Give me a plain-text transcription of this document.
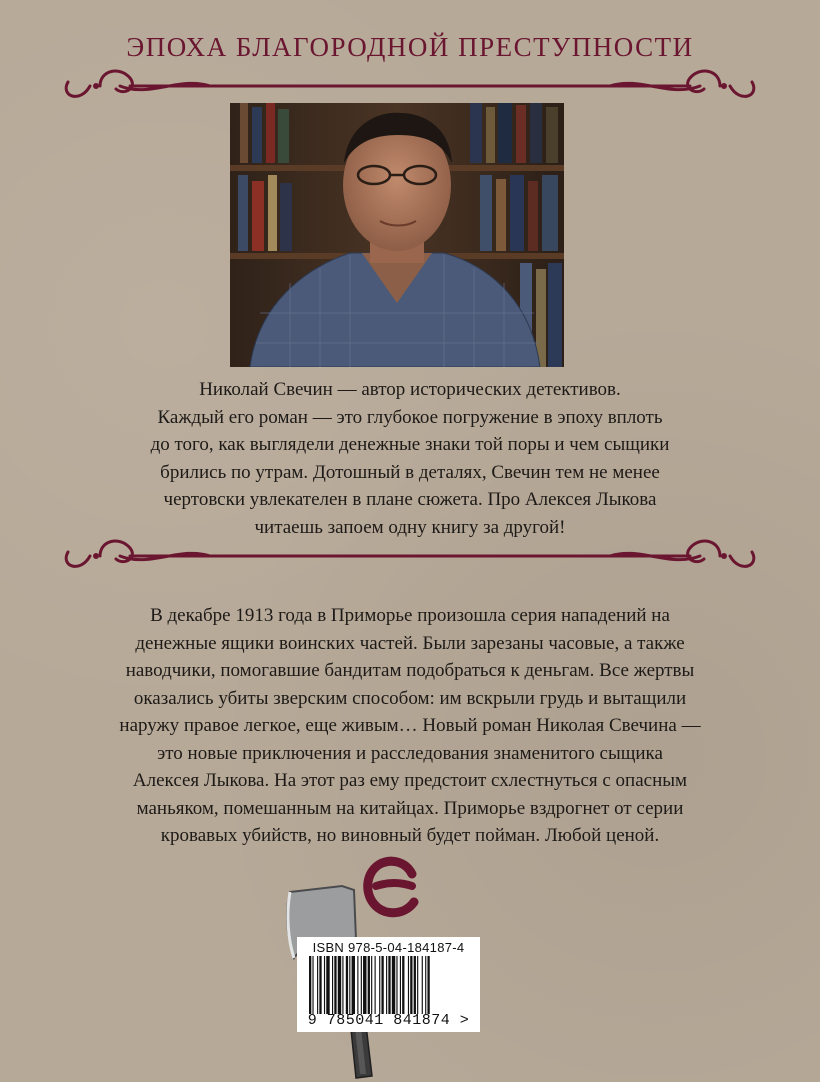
ЭПОХА БЛАГОРОДНОЙ ПРЕСТУПНОСТИ

Николай Свечин — автор исторических детективов.

Каждый его роман — это глубокое погружение в эпоху вплоть

до того, как выглядели денежные знаки той поры и чем сыщики

брились по утрам. Дотошный в деталях, Свечин тем не менее

чертовски увлекателен в плане сюжета. Про Алексея Лыкова

читаешь запоем одну книгу за другой!

В декабре 1913 года в Приморье произошла серия нападений на

денежные ящики воинских частей. Были зарезаны часовые, а также

наводчики, помогавшие бандитам подобраться к деньгам. Все жертвы

оказались убиты зверским способом: им вскрыли грудь и вытащили

наружу правое легкое, еще живым… Новый роман Николая Свечина —

это новые приключения и расследования знаменитого сыщика

Алексея Лыкова. На этот раз ему предстоит схлестнуться с опасным

маньяком, помешанным на китайцах. Приморье вздрогнет от серии

кровавых убийств, но виновный будет пойман. Любой ценой.

ISBN 978-5-04-184187-4
9 785041 841874 >
